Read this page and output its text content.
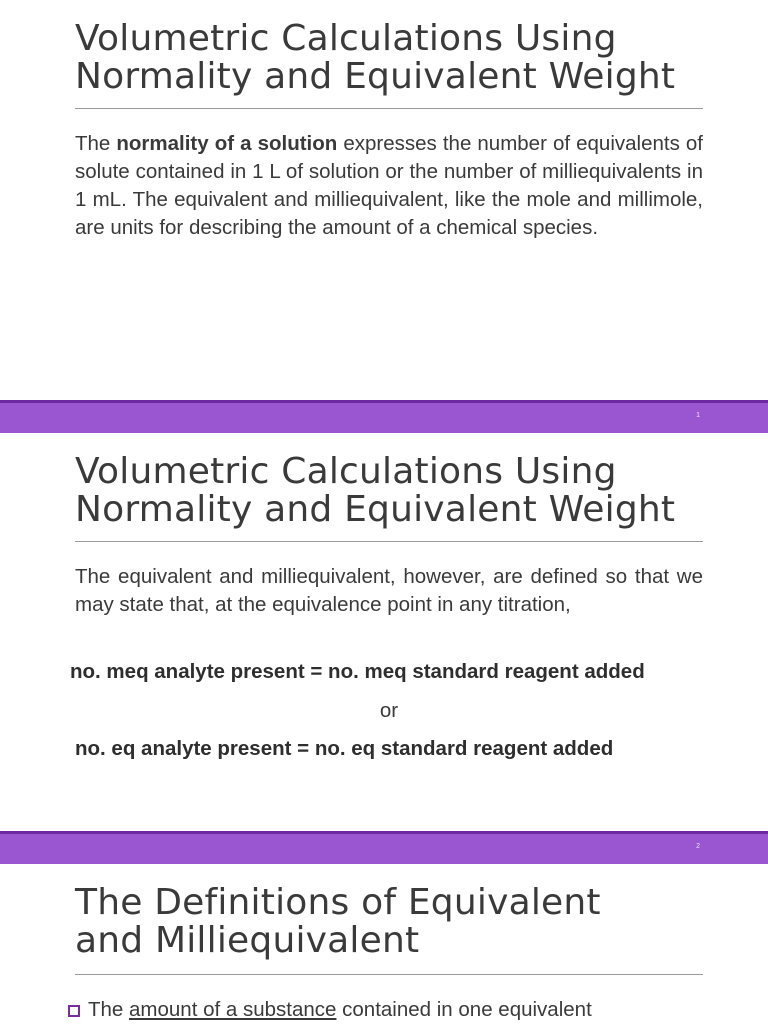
Volumetric Calculations Using
Normality and Equivalent Weight

The normality of a solution expresses the number of equivalents of solute contained in 1 L of solution or the number of milliequivalents in 1 mL. The equivalent and milliequivalent, like the mole and millimole, are units for describing the amount of a chemical species.

1
Volumetric Calculations Using
Normality and Equivalent Weight

The equivalent and milliequivalent, however, are defined so that we may state that, at the equivalence point in any titration,

no. meq analyte present = no. meq standard reagent added

or

no. eq analyte present = no. eq standard reagent added

2
The Definitions of Equivalent
and Milliequivalent
The amount of a substance contained in one equivalent
